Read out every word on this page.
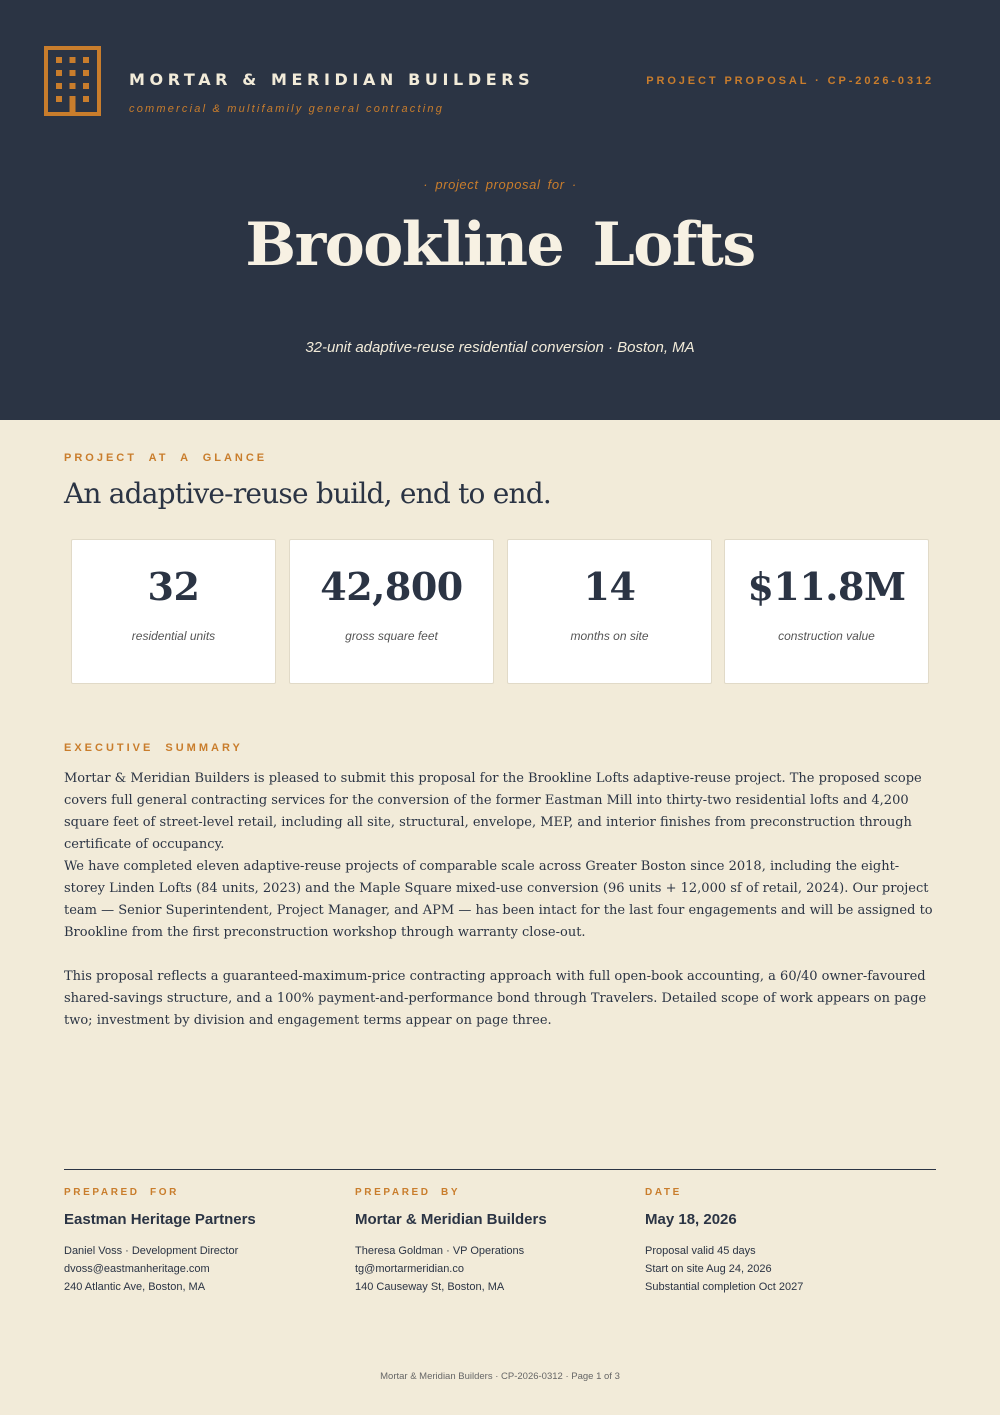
MORTAR & MERIDIAN BUILDERS
commercial & multifamily general contracting
PROJECT PROPOSAL · CP-2026-0312
· project proposal for ·
Brookline Lofts
32-unit adaptive-reuse residential conversion · Boston, MA
PROJECT AT A GLANCE
An adaptive-reuse build, end to end.
32
residential units
42,800
gross square feet
14
months on site
$11.8M
construction value
EXECUTIVE SUMMARY

Mortar & Meridian Builders is pleased to submit this proposal for the Brookline Lofts adaptive-reuse project. The proposed scope covers full general contracting services for the conversion of the former Eastman Mill into thirty-two residential lofts and 4,200 square feet of street-level retail, including all site, structural, envelope, MEP, and interior finishes from preconstruction through certificate of occupancy.

We have completed eleven adaptive-reuse projects of comparable scale across Greater Boston since 2018, including the eight-storey Linden Lofts (84 units, 2023) and the Maple Square mixed-use conversion (96 units + 12,000 sf of retail, 2024). Our project team — Senior Superintendent, Project Manager, and APM — has been intact for the last four engagements and will be assigned to Brookline from the first preconstruction workshop through warranty close-out.

This proposal reflects a guaranteed-maximum-price contracting approach with full open-book accounting, a 60/40 owner-favoured shared-savings structure, and a 100% payment-and-performance bond through Travelers. Detailed scope of work appears on page two; investment by division and engagement terms appear on page three.

PREPARED FOR
Eastman Heritage Partners
Daniel Voss · Development Director
dvoss@eastmanheritage.com
240 Atlantic Ave, Boston, MA
PREPARED BY
Mortar & Meridian Builders
Theresa Goldman · VP Operations
tg@mortarmeridian.co
140 Causeway St, Boston, MA
DATE
May 18, 2026
Proposal valid 45 days
Start on site Aug 24, 2026
Substantial completion Oct 2027
Mortar & Meridian Builders · CP-2026-0312 · Page 1 of 3
